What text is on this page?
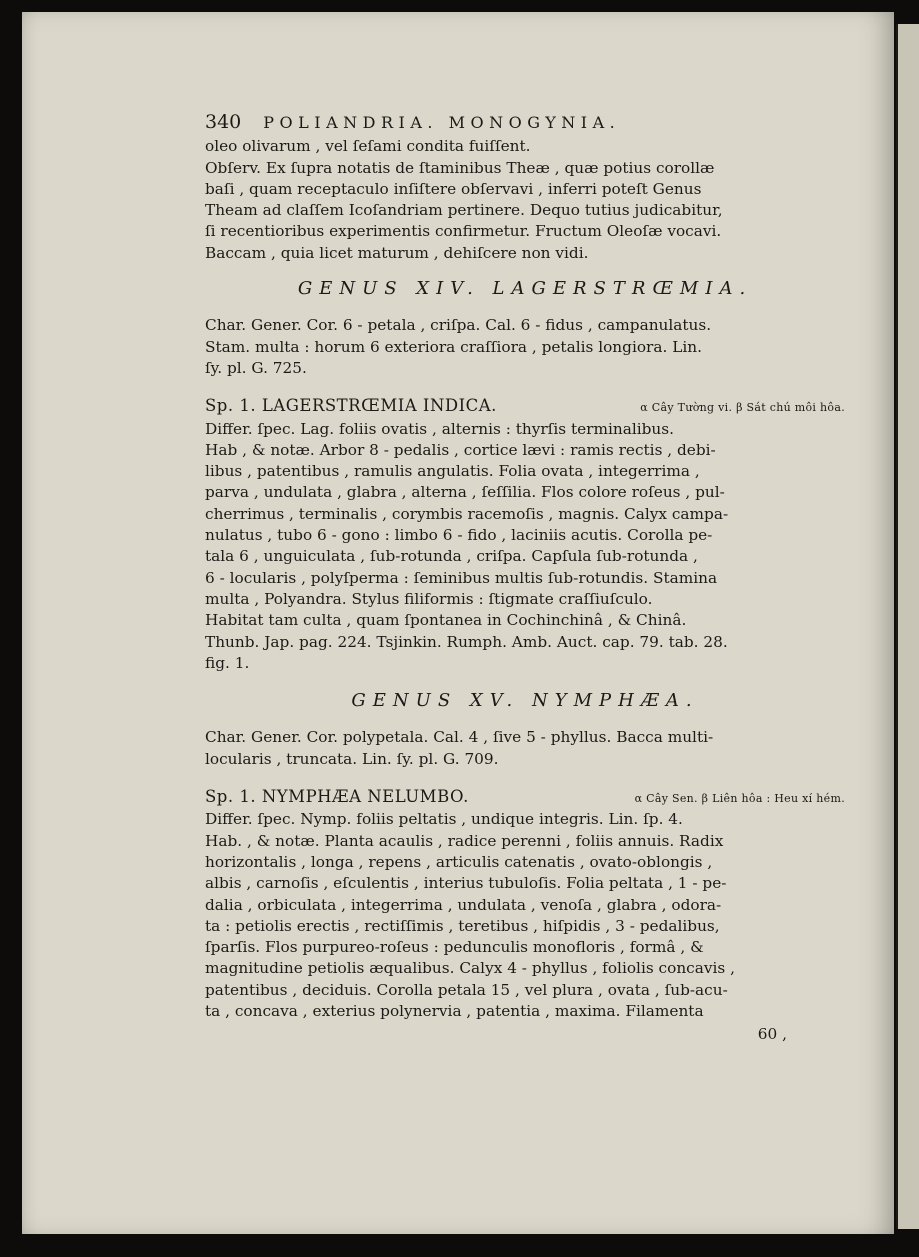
340 POLIANDRIA. MONOGYNIA.
oleo olivarum , vel ſeſami condita fuiſſent.
Obſerv. Ex ſupra notatis de ſtaminibus Theæ , quæ potius corollæ
baſi , quam receptaculo inſiſtere obſervavi , inferri poteſt Genus
Theam ad claſſem Icoſandriam pertinere. Dequo tutius judicabitur,
ſi recentioribus experimentis confirmetur. Fructum Oleoſæ vocavi.
Baccam , quia licet maturum , dehiſcere non vidi.
GENUS XIV. LAGERSTRŒMIA.
Char. Gener. Cor. 6 - petala , criſpa. Cal. 6 - fidus , campanulatus.
Stam. multa : horum 6 exteriora craſſiora , petalis longiora. Lin.
ſy. pl. G. 725.
Sp. 1. LAGERSTRŒMIA INDICA.	α Cây Tường vi. β Sát chú môi hôa.
Differ. ſpec. Lag. foliis ovatis , alternis : thyrſis terminalibus.
Hab , & notæ. Arbor 8 - pedalis , cortice lævi : ramis rectis , debi-
libus , patentibus , ramulis angulatis. Folia ovata , integerrima ,
parva , undulata , glabra , alterna , ſeſſilia. Flos colore roſeus , pul-
cherrimus , terminalis , corymbis racemoſis , magnis. Calyx campa-
nulatus , tubo 6 - gono : limbo 6 - fido , laciniis acutis. Corolla pe-
tala 6 , unguiculata , ſub-rotunda , criſpa. Capſula ſub-rotunda ,
6 - locularis , polyſperma : ſeminibus multis ſub-rotundis. Stamina
multa , Polyandra. Stylus filiformis : ſtigmate craſſiuſculo.
Habitat tam culta , quam ſpontanea in Cochinchinâ , & Chinâ.
Thunb. Jap. pag. 224. Tsjinkin. Rumph. Amb. Auct. cap. 79. tab. 28.
fig. 1.
GENUS XV. NYMPHÆA.
Char. Gener. Cor. polypetala. Cal. 4 , ſive 5 - phyllus. Bacca multi-
locularis , truncata. Lin. ſy. pl. G. 709.
Sp. 1. NYMPHÆA NELUMBO.	α Cây Sen. β Liên hôa : Heu xí hém.
Differ. ſpec. Nymp. foliis peltatis , undique integris. Lin. ſp. 4.
Hab. , & notæ. Planta acaulis , radice perenni , foliis annuis. Radix
horizontalis , longa , repens , articulis catenatis , ovato-oblongis ,
albis , carnoſis , eſculentis , interius tubuloſis. Folia peltata , 1 - pe-
dalia , orbiculata , integerrima , undulata , venoſa , glabra , odora-
ta : petiolis erectis , rectiſſimis , teretibus , hiſpidis , 3 - pedalibus,
ſparſis. Flos purpureo-roſeus : pedunculis monofloris , formâ , &
magnitudine petiolis æqualibus. Calyx 4 - phyllus , foliolis concavis ,
patentibus , deciduis. Corolla petala 15 , vel plura , ovata , ſub-acu-
ta , concava , exterius polynervia , patentia , maxima. Filamenta
60 ,
